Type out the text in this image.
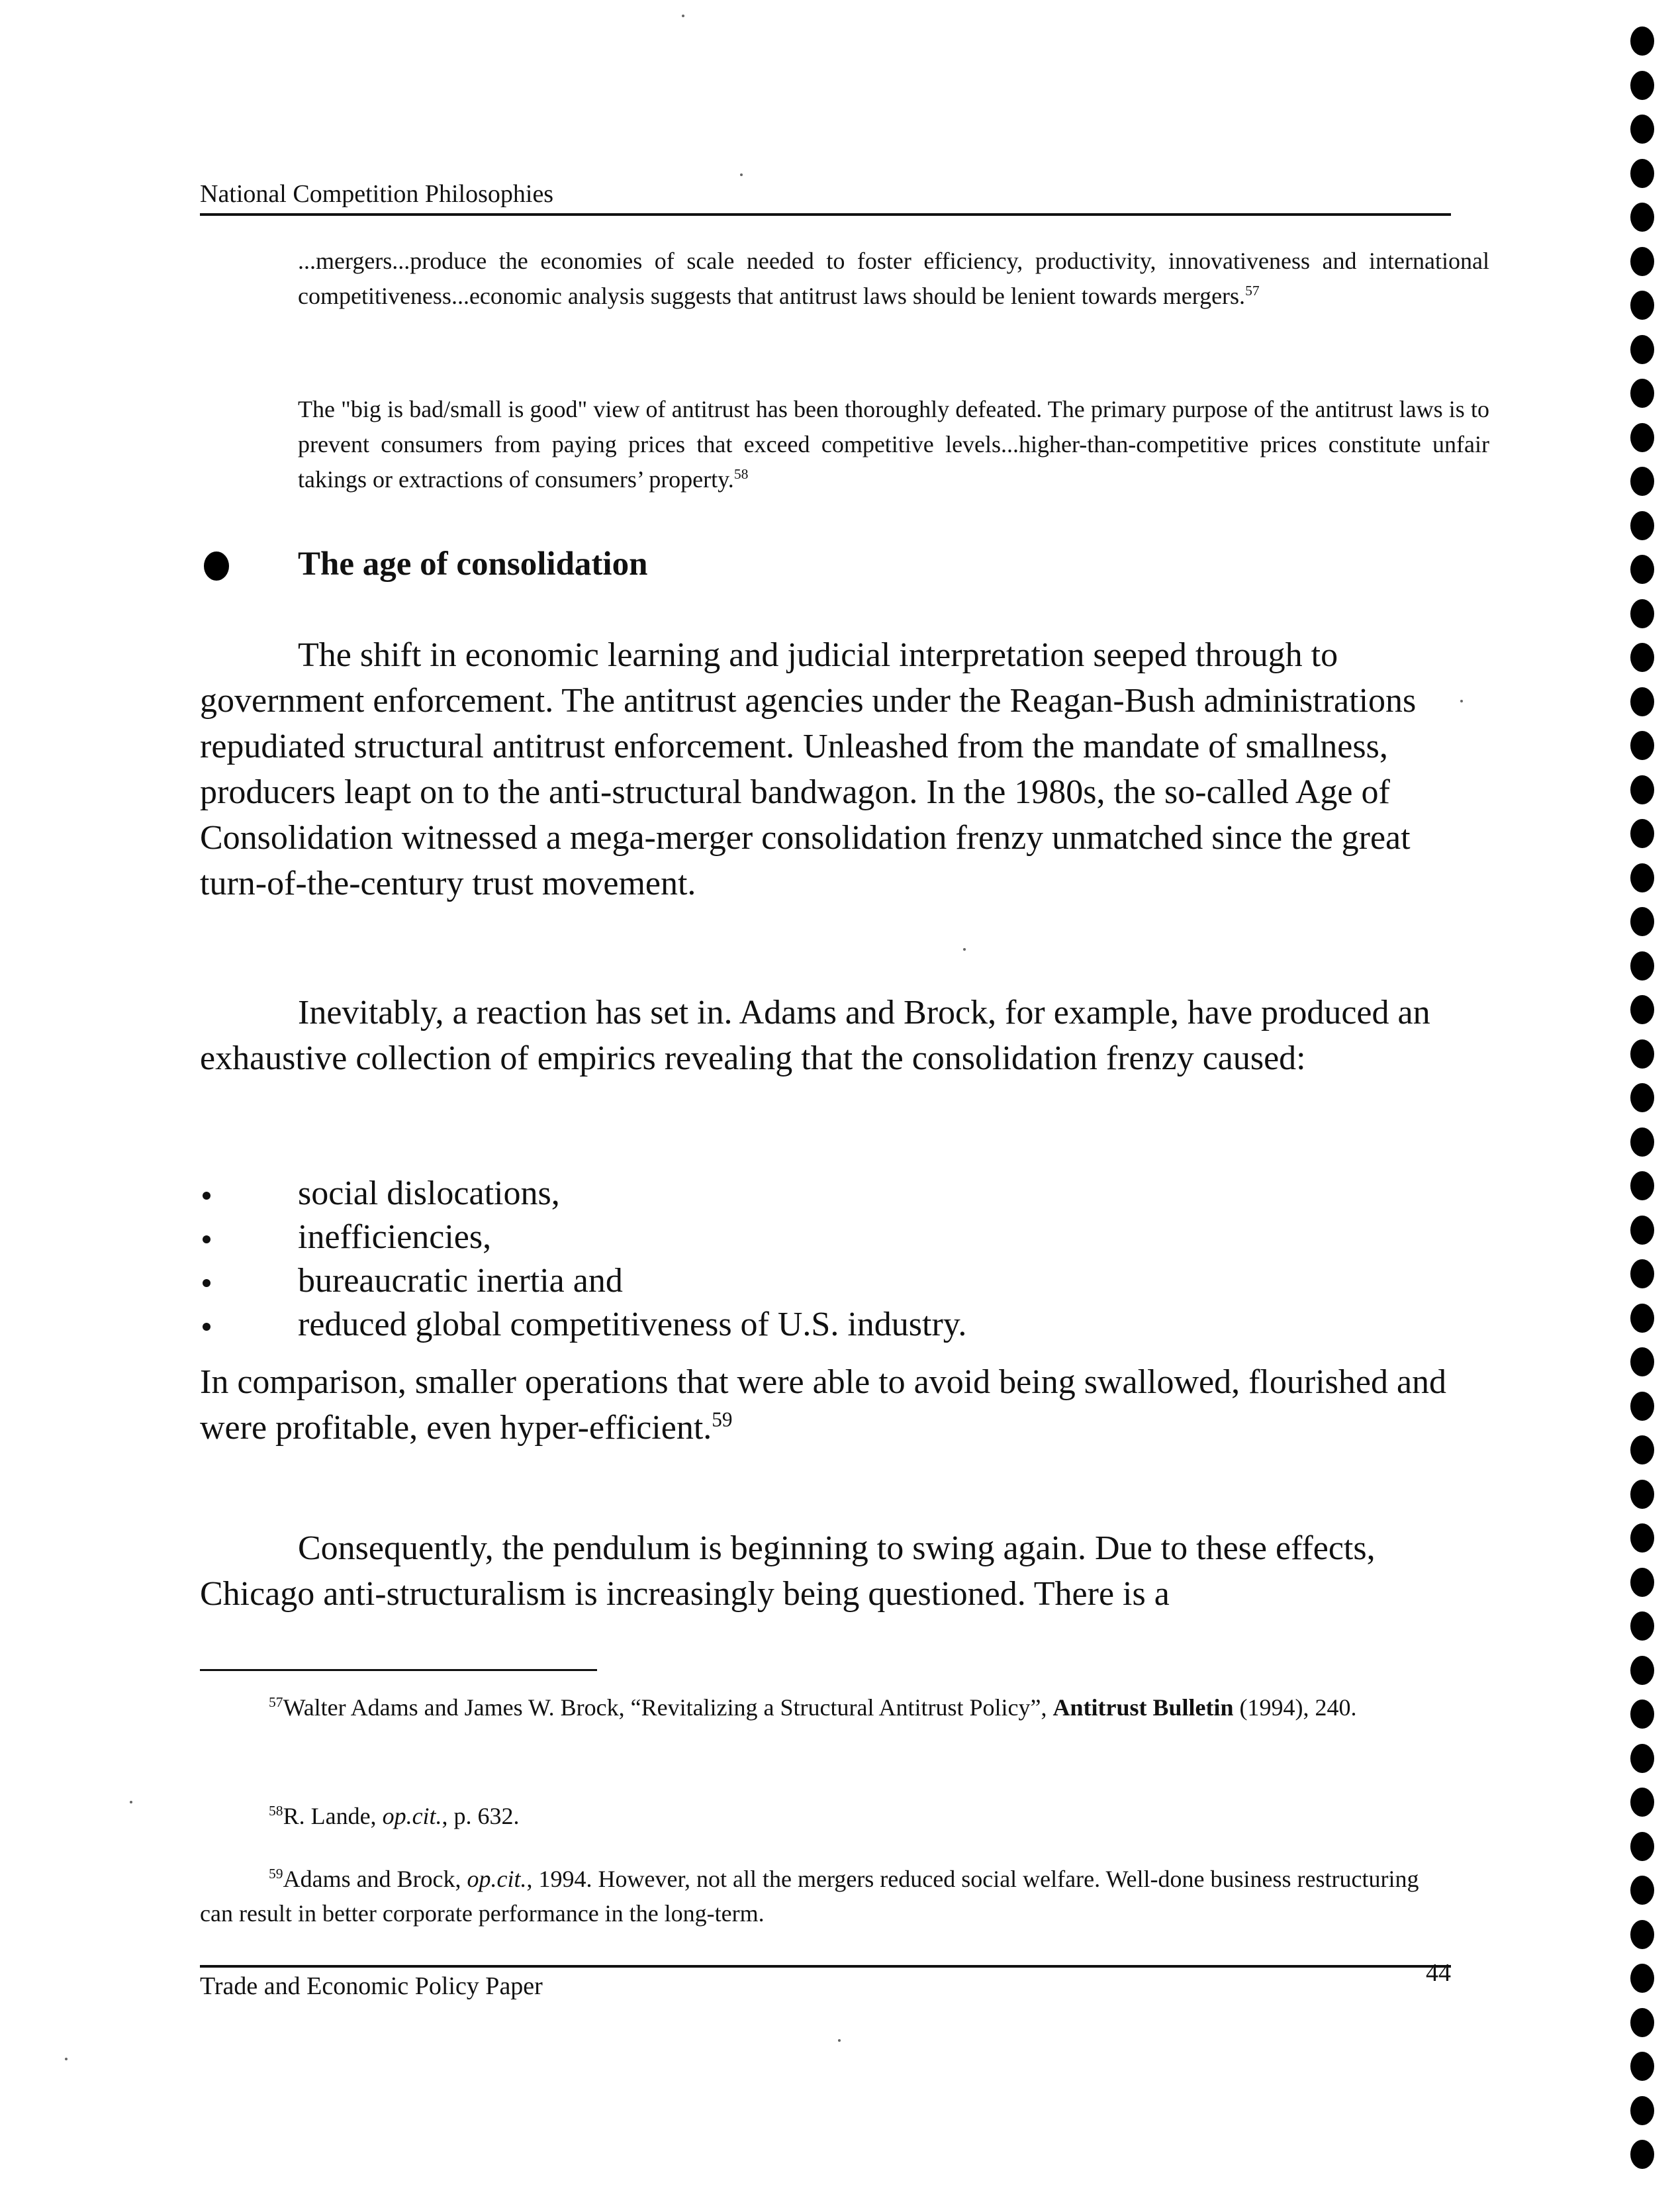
National Competition Philosophies
...mergers...produce the economies of scale needed to foster efficiency, productivity, innovativeness and international competitiveness...economic analysis suggests that antitrust laws should be lenient towards mergers.$^{57}$
The "big is bad/small is good" view of antitrust has been thoroughly defeated. The primary purpose of the antitrust laws is to prevent consumers from paying prices that exceed competitive levels...higher-than-competitive prices constitute unfair takings or extractions of consumers’ property.$^{58}$
The age of consolidation

The shift in economic learning and judicial interpretation seeped through to government enforcement. The antitrust agencies under the Reagan-Bush administrations repudiated structural antitrust enforcement. Unleashed from the mandate of smallness, producers leapt on to the anti-structural bandwagon. In the 1980s, the so-called Age of Consolidation witnessed a mega-merger consolidation frenzy unmatched since the great turn-of-the-century trust movement.

Inevitably, a reaction has set in. Adams and Brock, for example, have produced an exhaustive collection of empirics revealing that the consolidation frenzy caused:

social dislocations,
inefficiencies,
bureaucratic inertia and
reduced global competitiveness of U.S. industry.

In comparison, smaller operations that were able to avoid being swallowed, flourished and were profitable, even hyper-efficient.$^{59}$

Consequently, the pendulum is beginning to swing again. Due to these effects, Chicago anti-structuralism is increasingly being questioned. There is a

$^{57}$Walter Adams and James W. Brock, “Revitalizing a Structural Antitrust Policy”, Antitrust Bulletin (1994), 240.

$^{58}$R. Lande, op.cit., p. 632.

$^{59}$Adams and Brock, op.cit., 1994. However, not all the mergers reduced social welfare. Well-done business restructuring can result in better corporate performance in the long-term.

Trade and Economic Policy Paper	44
